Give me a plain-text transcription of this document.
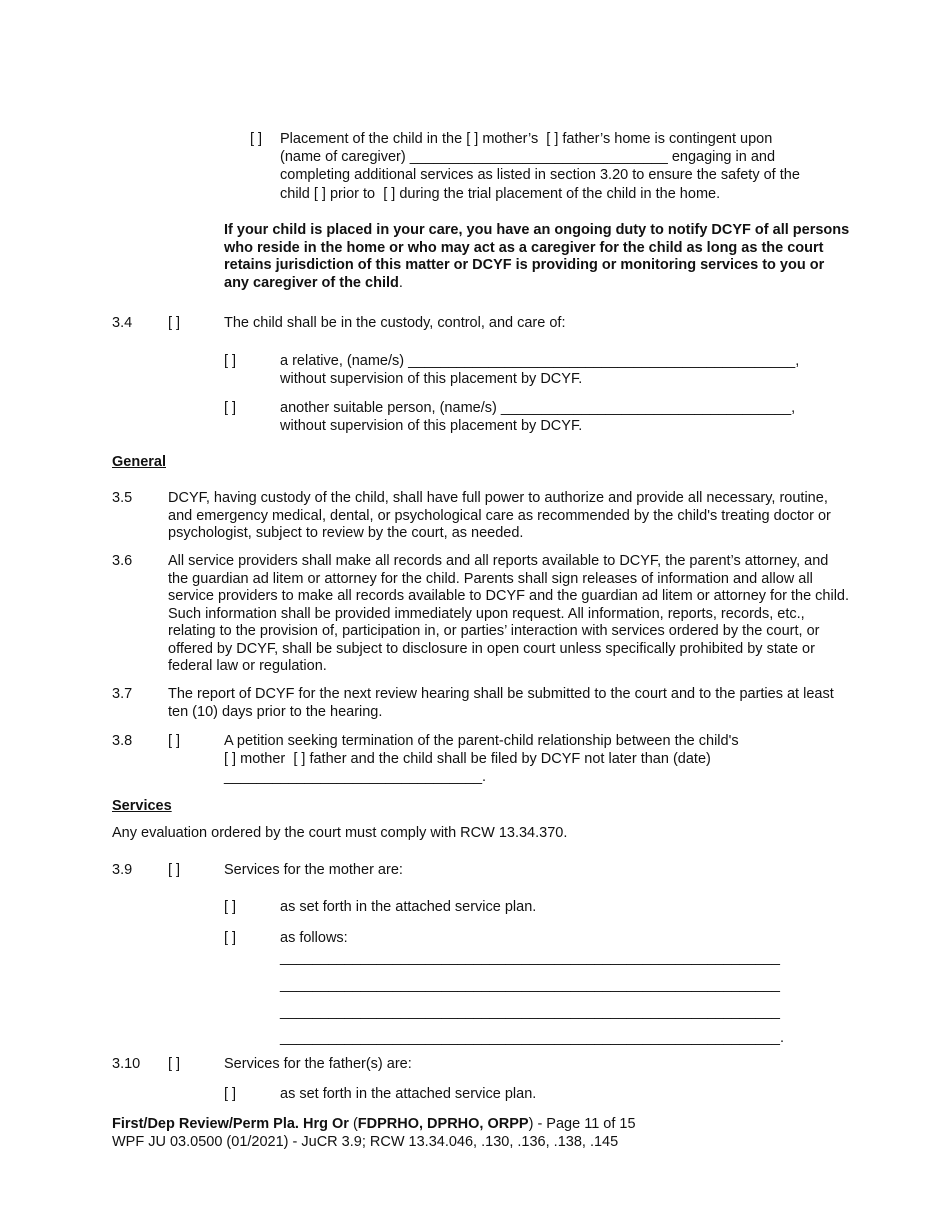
[ ] Placement of the child in the [ ] mother’s [ ] father’s home is contingent upon
(name of caregiver) ________________________________ engaging in and
completing additional services as listed in section 3.20 to ensure the safety of the
child [ ] prior to [ ] during the trial placement of the child in the home.
If your child is placed in your care, you have an ongoing duty to notify DCYF of all persons who reside in the home or who may act as a caregiver for the child as long as the court retains jurisdiction of this matter or DCYF is providing or monitoring services to you or any caregiver of the child.
3.4 [ ]	The child shall be in the custody, control, and care of:
[ ]	a relative, (name/s) ________________________________________________,
without supervision of this placement by DCYF.
[ ]	another suitable person, (name/s) ____________________________________,
without supervision of this placement by DCYF.
General
3.5 DCYF, having custody of the child, shall have full power to authorize and provide all necessary, routine, and emergency medical, dental, or psychological care as recommended by the child's treating doctor or psychologist, subject to review by the court, as needed.
3.6 All service providers shall make all records and all reports available to DCYF, the parent’s attorney, and the guardian ad litem or attorney for the child. Parents shall sign releases of information and allow all service providers to make all records available to DCYF and the guardian ad litem or attorney for the child. Such information shall be provided immediately upon request. All information, reports, records, etc., relating to the provision of, participation in, or parties’ interaction with services ordered by the court, or offered by DCYF, shall be subject to disclosure in open court unless specifically prohibited by state or federal law or regulation.
3.7 The report of DCYF for the next review hearing shall be submitted to the court and to the parties at least ten (10) days prior to the hearing.
3.8 [ ]	A petition seeking termination of the parent-child relationship between the child's
[ ] mother [ ] father and the child shall be filed by DCYF not later than (date)
________________________________.
Services
Any evaluation ordered by the court must comply with RCW 13.34.370.
3.9 [ ]	Services for the mother are:
[ ]	as set forth in the attached service plan.
[ ]	as follows:
______________________________________________________________
______________________________________________________________
______________________________________________________________
______________________________________________________________.
3.10 [ ]	Services for the father(s) are:
[ ]	as set forth in the attached service plan.
First/Dep Review/Perm Pla. Hrg Or (FDPRHO, DPRHO, ORPP) - Page 11 of 15
WPF JU 03.0500 (01/2021) - JuCR 3.9; RCW 13.34.046, .130, .136, .138, .145
